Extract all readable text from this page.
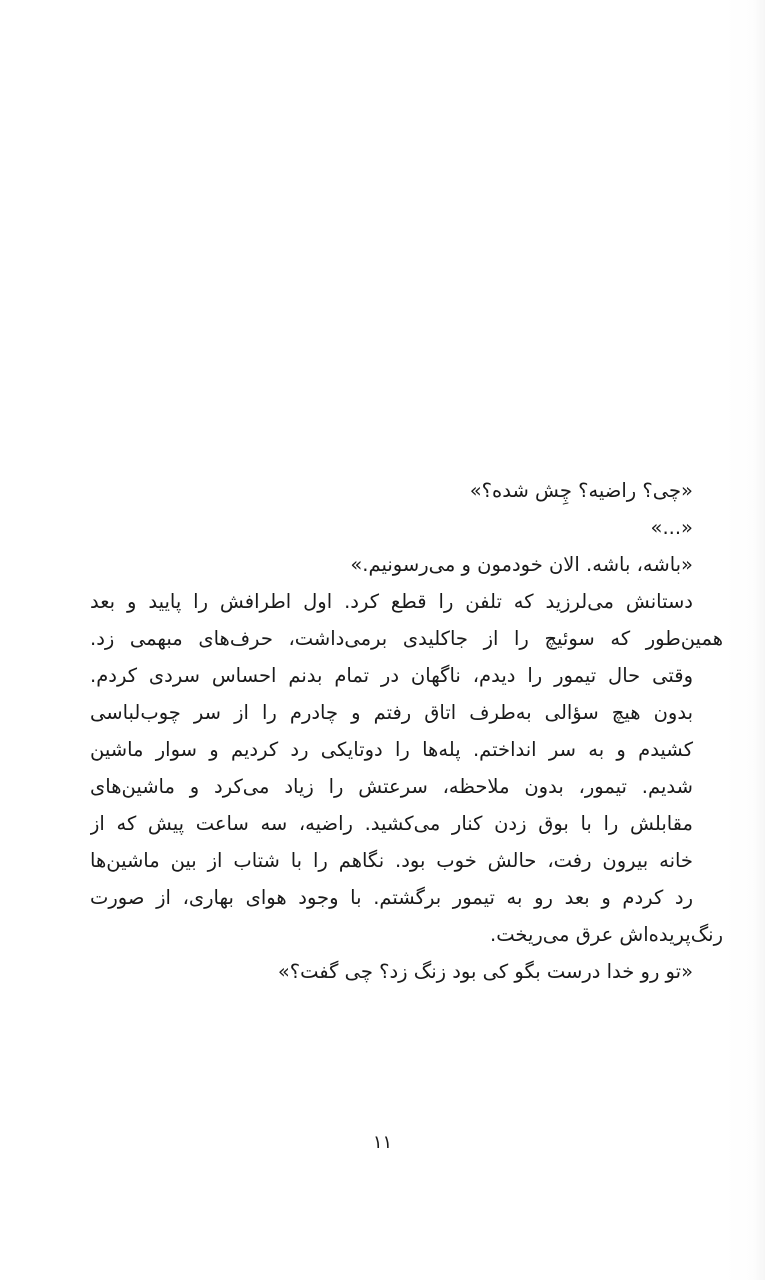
«چی؟ راضیه؟ چِش شده؟»
«...»
«باشه، باشه. الان خودمون و می‌رسونیم.»
دستانش می‌لرزید که تلفن را قطع کرد. اول اطرافش را پایید و بعد
همین‌طور که سوئیچ را از جاکلیدی برمی‌داشت، حرف‌های مبهمی زد.
وقتی حال تیمور را دیدم، ناگهان در تمام بدنم احساس سردی کردم.
بدون هیچ سؤالی به‌طرف اتاق رفتم و چادرم را از سر چوب‌لباسی
کشیدم و به سر انداختم. پله‌ها را دوتایکی رد کردیم و سوار ماشین
شدیم. تیمور، بدون ملاحظه، سرعتش را زیاد می‌کرد و ماشین‌های
مقابلش را با بوق زدن کنار می‌کشید. راضیه، سه ساعت پیش که از
خانه بیرون رفت، حالش خوب بود. نگاهم را با شتاب از بین ماشین‌ها
رد کردم و بعد رو به تیمور برگشتم. با وجود هوای بهاری، از صورت
رنگ‌پریده‌اش عرق می‌ریخت.
«تو رو خدا درست بگو کی بود زنگ زد؟ چی گفت؟»
۱۱
